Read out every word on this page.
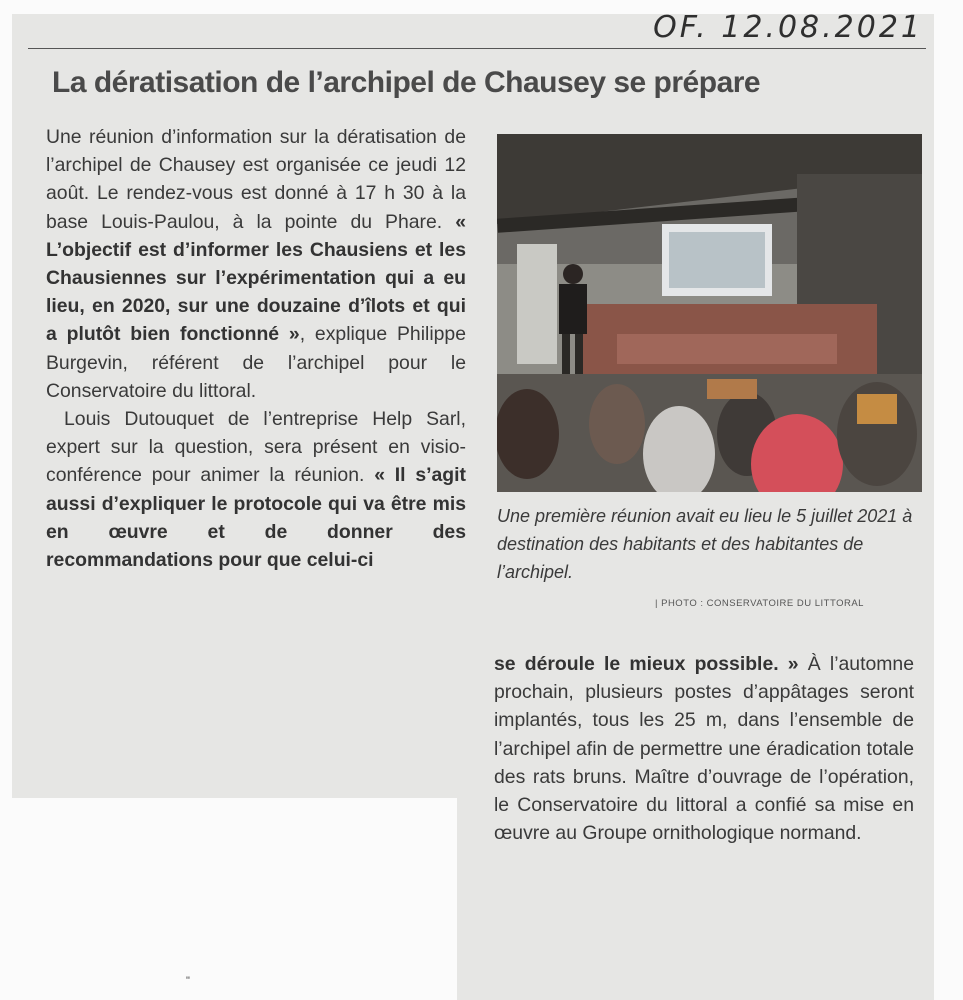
OF. 12.08.2021
La dératisation de l’archipel de Chausey se prépare

Une réunion d’information sur la dératisation de l’archipel de Chausey est organisée ce jeudi 12 août. Le rendez-vous est donné à 17 h 30 à la base Louis-Paulou, à la pointe du Phare. « L’objectif est d’informer les Chausiens et les Chausiennes sur l’expérimentation qui a eu lieu, en 2020, sur une douzaine d’îlots et qui a plutôt bien fonctionné », explique Philippe Burgevin, référent de l’archipel pour le Conservatoire du littoral.

Louis Dutouquet de l’entreprise Help Sarl, expert sur la question, sera présent en visio-conférence pour animer la réunion. « Il s’agit aussi d’expliquer le protocole qui va être mis en œuvre et de donner des recommandations pour que celui-ci

Une première réunion avait eu lieu le 5 juillet 2021 à destination des habitants et des habitantes de l’archipel.
| PHOTO : CONSERVATOIRE DU LITTORAL

se déroule le mieux possible. » À l’automne prochain, plusieurs postes d’appâtages seront implantés, tous les 25 m, dans l’ensemble de l’archipel afin de permettre une éradication totale des rats bruns. Maître d’ouvrage de l’opération, le Conservatoire du littoral a confié sa mise en œuvre au Groupe ornithologique normand.

"
